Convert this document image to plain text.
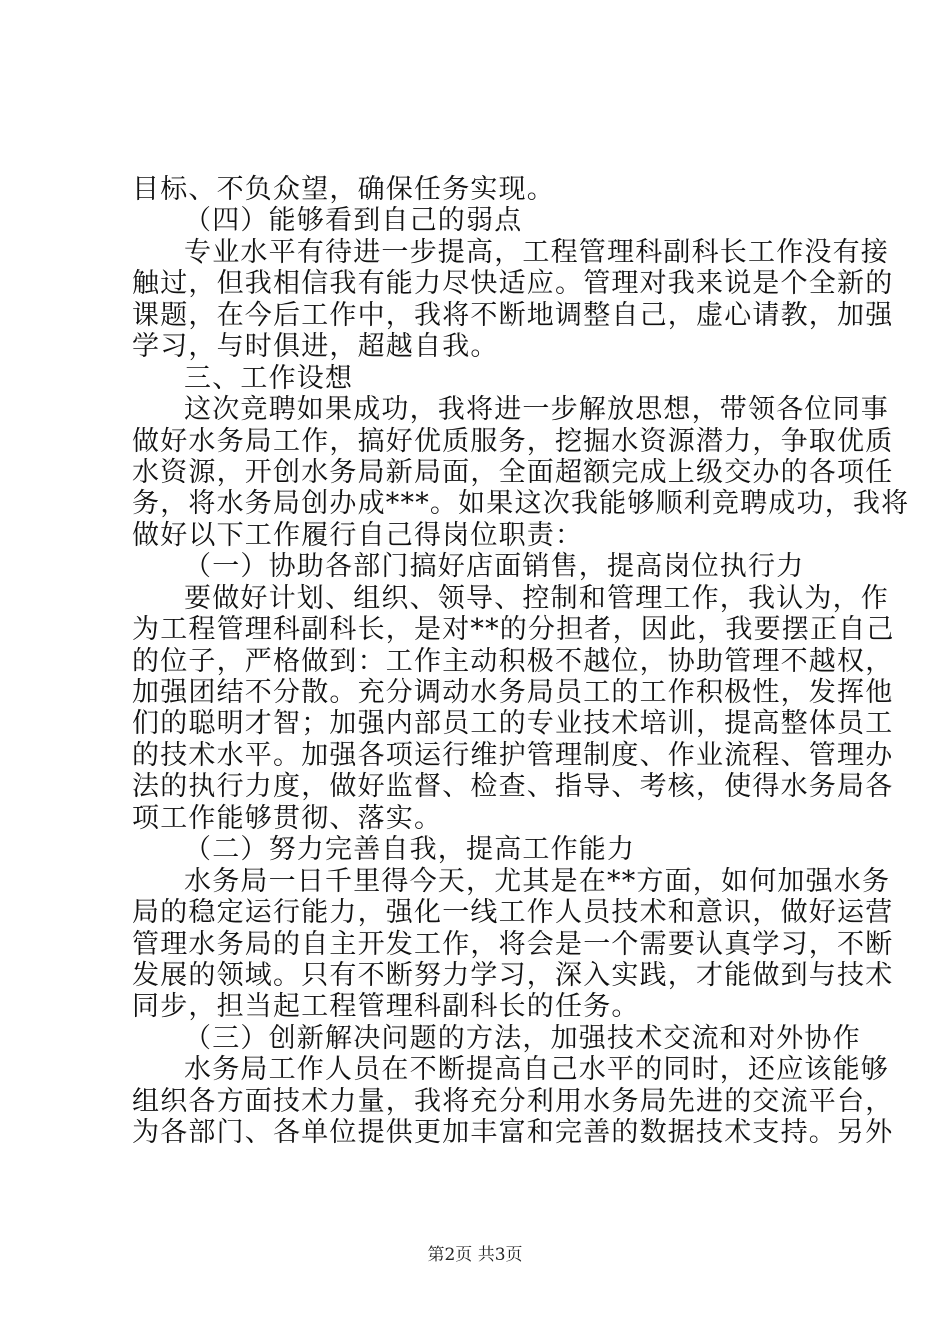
目标、不负众望，确保任务实现。
（四）能够看到自己的弱点
专业水平有待进一步提高，工程管理科副科长工作没有接
触过，但我相信我有能力尽快适应。管理对我来说是个全新的
课题，在今后工作中，我将不断地调整自己，虚心请教，加强
学习，与时俱进，超越自我。
三、工作设想
这次竞聘如果成功，我将进一步解放思想，带领各位同事
做好水务局工作，搞好优质服务，挖掘水资源潜力，争取优质
水资源，开创水务局新局面，全面超额完成上级交办的各项任
务，将水务局创办成***。如果这次我能够顺利竞聘成功，我将
做好以下工作履行自己得岗位职责：
（一）协助各部门搞好店面销售，提高岗位执行力
要做好计划、组织、领导、控制和管理工作，我认为，作
为工程管理科副科长，是对**的分担者，因此，我要摆正自己
的位子，严格做到：工作主动积极不越位，协助管理不越权，
加强团结不分散。充分调动水务局员工的工作积极性，发挥他
们的聪明才智；加强内部员工的专业技术培训，提高整体员工
的技术水平。加强各项运行维护管理制度、作业流程、管理办
法的执行力度，做好监督、检查、指导、考核，使得水务局各
项工作能够贯彻、落实。
（二）努力完善自我，提高工作能力
水务局一日千里得今天，尤其是在**方面，如何加强水务
局的稳定运行能力，强化一线工作人员技术和意识，做好运营
管理水务局的自主开发工作，将会是一个需要认真学习，不断
发展的领域。只有不断努力学习，深入实践，才能做到与技术
同步，担当起工程管理科副科长的任务。
（三）创新解决问题的方法，加强技术交流和对外协作
水务局工作人员在不断提高自己水平的同时，还应该能够
组织各方面技术力量，我将充分利用水务局先进的交流平台，
为各部门、各单位提供更加丰富和完善的数据技术支持。另外
第2页 共3页
